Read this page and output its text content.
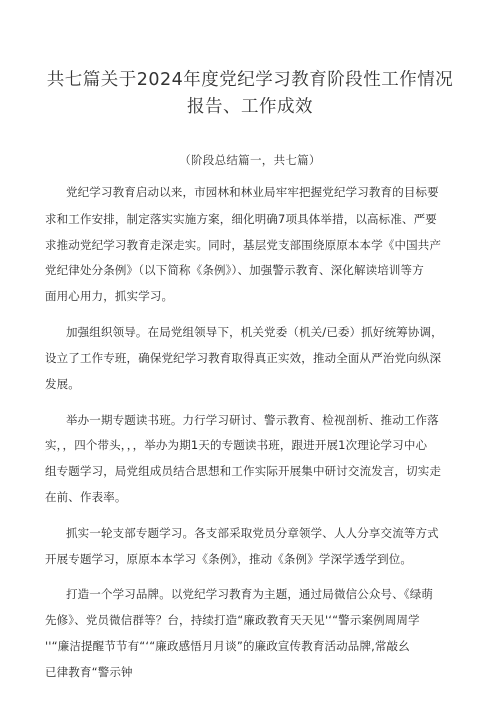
共七篇关于2024年度党纪学习教育阶段性工作情况
报告、工作成效
（阶段总结篇一，共七篇）
党纪学习教育启动以来，市园林和林业局牢牢把握党纪学习教育的目标要
求和工作安排，制定落实实施方案，细化明确7项具体举措，以高标准、严要
求推动党纪学习教育走深走实。同时，基层党支部围绕原原本本学《中国共产
党纪律处分条例》（以下简称《条例》）、加强警示教育、深化解读培训等方
面用心用力，抓实学习。
加强组织领导。在局党组领导下，机关党委（机关/已委）抓好统筹协调，
设立了工作专班，确保党纪学习教育取得真正实效，推动全面从严治党向纵深
发展。
举办一期专题读书班。力行学习研讨、警示教育、检视剖析、推动工作落
实，，四个带头，，，举办为期1天的专题读书班，跟进开展1次理论学习中心
组专题学习，局党组成员结合思想和工作实际开展集中研讨交流发言，切实走
在前、作表率。
抓实一轮支部专题学习。各支部采取党员分章领学、人人分享交流等方式
开展专题学习，原原本本学习《条例》，推动《条例》学深学透学到位。
打造一个学习品牌。以党纪学习教育为主题，通过局微信公众号、《绿萌
先修》、党员微信群等？台，持续打造“廉政教育天天见'‘“警示案例周周学
''“廉洁提醒节节有“‘“廉政感悟月月谈”的廉政宣传教育活动品牌,常敲幺
已律教育“警示钟
